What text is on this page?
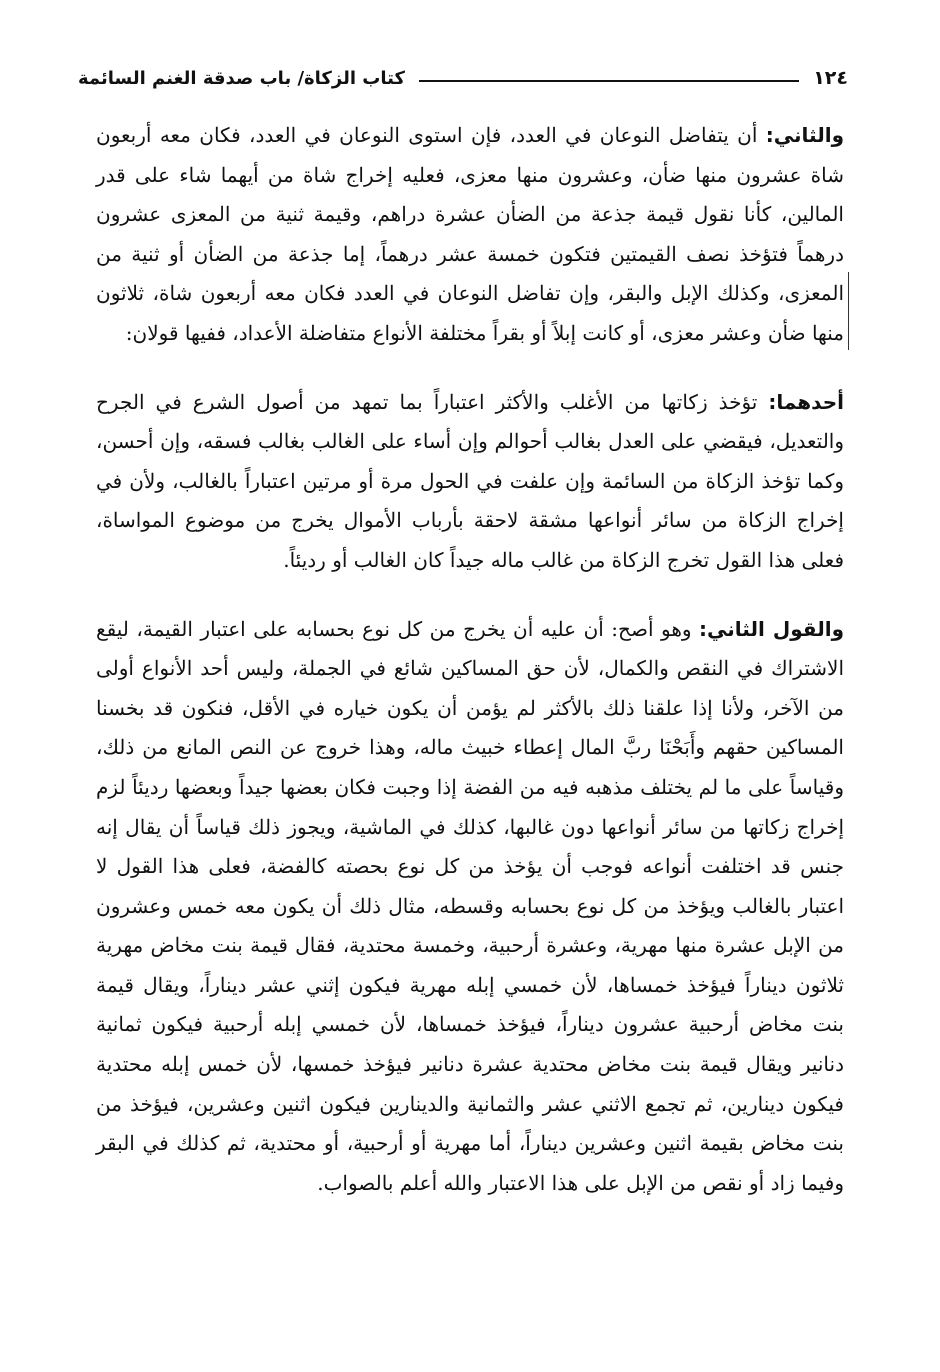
١٢٤
كتاب الزكاة/ باب صدقة الغنم السائمة

والثاني: أن يتفاضل النوعان في العدد، فإن استوى النوعان في العدد، فكان معه أربعون شاة عشرون منها ضأن، وعشرون منها معزى، فعليه إخراج شاة من أيهما شاء على قدر المالين، كأنا نقول قيمة جذعة من الضأن عشرة دراهم، وقيمة ثنية من المعزى عشرون درهماً فتؤخذ نصف القيمتين فتكون خمسة عشر درهماً، إما جذعة من الضأن أو ثنية من المعزى، وكذلك الإبل والبقر، وإن تفاضل النوعان في العدد فكان معه أربعون شاة، ثلاثون منها ضأن وعشر معزى، أو كانت إبلاً أو بقراً مختلفة الأنواع متفاضلة الأعداد، ففيها قولان:

أحدهما: تؤخذ زكاتها من الأغلب والأكثر اعتباراً بما تمهد من أصول الشرع في الجرح والتعديل، فيقضي على العدل بغالب أحوالم وإن أساء على الغالب بغالب فسقه، وإن أحسن، وكما تؤخذ الزكاة من السائمة وإن علفت في الحول مرة أو مرتين اعتباراً بالغالب، ولأن في إخراج الزكاة من سائر أنواعها مشقة لاحقة بأرباب الأموال يخرج من موضوع المواساة، فعلى هذا القول تخرج الزكاة من غالب ماله جيداً كان الغالب أو رديئاً.

والقول الثاني: وهو أصح: أن عليه أن يخرج من كل نوع بحسابه على اعتبار القيمة، ليقع الاشتراك في النقص والكمال، لأن حق المساكين شائع في الجملة، وليس أحد الأنواع أولى من الآخر، ولأنا إذا علقنا ذلك بالأكثر لم يؤمن أن يكون خياره في الأقل، فنكون قد بخسنا المساكين حقهم وأَبَحْنَا ربَّ المال إعطاء خبيث ماله، وهذا خروج عن النص المانع من ذلك، وقياساً على ما لم يختلف مذهبه فيه من الفضة إذا وجبت فكان بعضها جيداً وبعضها رديئاً لزم إخراج زكاتها من سائر أنواعها دون غالبها، كذلك في الماشية، ويجوز ذلك قياساً أن يقال إنه جنس قد اختلفت أنواعه فوجب أن يؤخذ من كل نوع بحصته كالفضة، فعلى هذا القول لا اعتبار بالغالب ويؤخذ من كل نوع بحسابه وقسطه، مثال ذلك أن يكون معه خمس وعشرون من الإبل عشرة منها مهرية، وعشرة أرحبية، وخمسة محتدية، فقال قيمة بنت مخاض مهرية ثلاثون ديناراً فيؤخذ خمساها، لأن خمسي إبله مهرية فيكون إثني عشر ديناراً، ويقال قيمة بنت مخاض أرحبية عشرون ديناراً، فيؤخذ خمساها، لأن خمسي إبله أرحبية فيكون ثمانية دنانير ويقال قيمة بنت مخاض محتدية عشرة دنانير فيؤخذ خمسها، لأن خمس إبله محتدية فيكون دينارين، ثم تجمع الاثني عشر والثمانية والدينارين فيكون اثنين وعشرين، فيؤخذ من بنت مخاض بقيمة اثنين وعشرين ديناراً، أما مهرية أو أرحبية، أو محتدية، ثم كذلك في البقر وفيما زاد أو نقص من الإبل على هذا الاعتبار والله أعلم بالصواب.
